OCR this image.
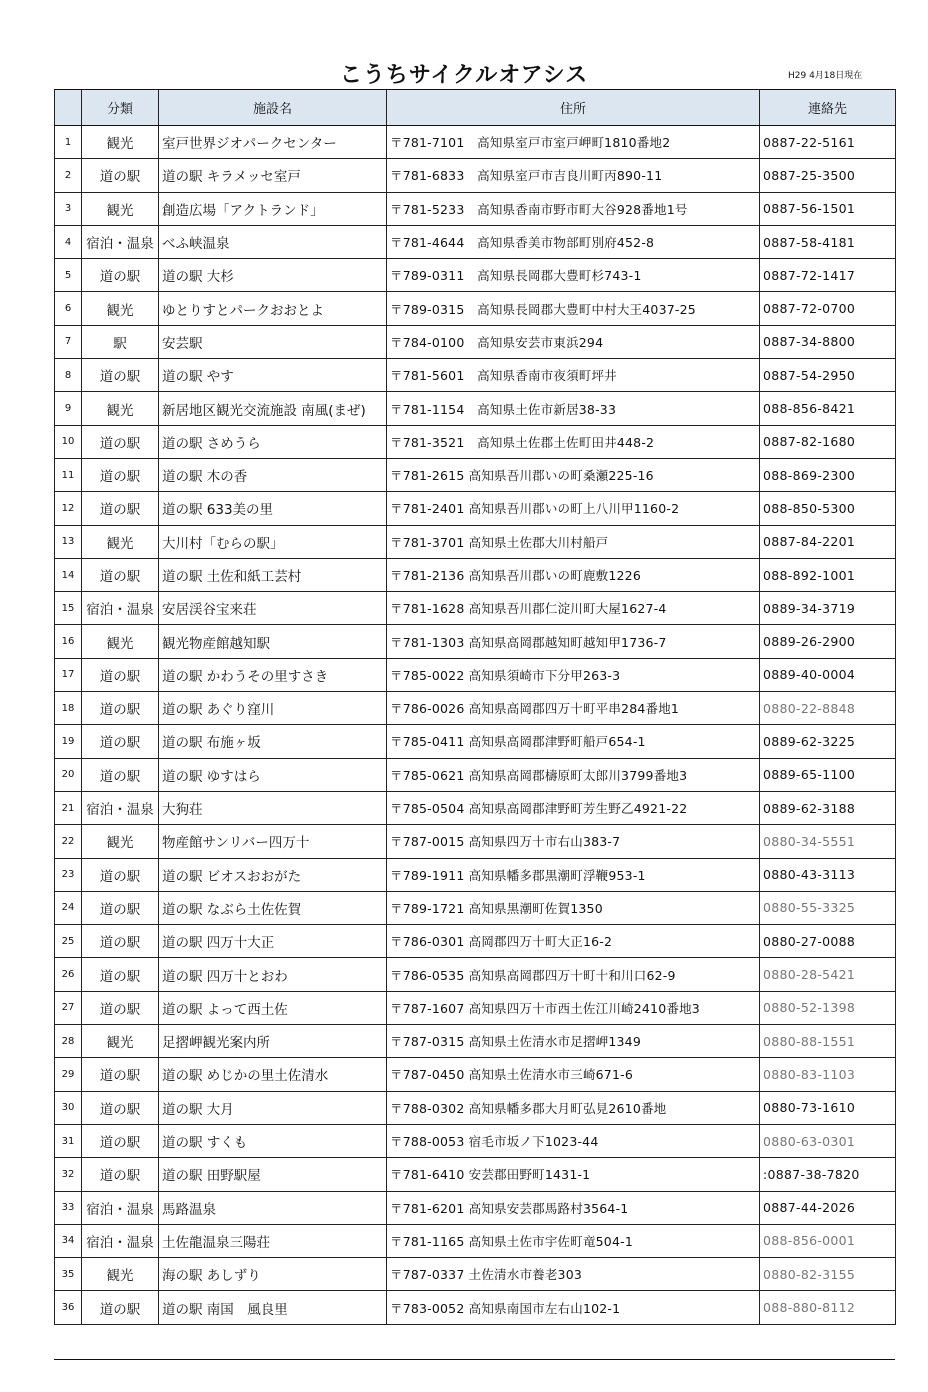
こうちサイクルオアシス	H29 4月18日現在
	分類	施設名	住所	連絡先
1	観光	室戸世界ジオパークセンター	〒781-7101　高知県室戸市室戸岬町1810番地2	0887-22-5161
2	道の駅	道の駅 キラメッセ室戸	〒781-6833　高知県室戸市吉良川町丙890-11	0887-25-3500
3	観光	創造広場「アクトランド」	〒781-5233　高知県香南市野市町大谷928番地1号	0887-56-1501
4	宿泊・温泉	べふ峡温泉	〒781-4644　高知県香美市物部町別府452-8	0887-58-4181
5	道の駅	道の駅 大杉	〒789-0311　高知県長岡郡大豊町杉743-1	0887-72-1417
6	観光	ゆとりすとパークおおとよ	〒789-0315　高知県長岡郡大豊町中村大王4037-25	0887-72-0700
7	駅	安芸駅	〒784-0100　高知県安芸市東浜294	0887-34-8800
8	道の駅	道の駅 やす	〒781-5601　高知県香南市夜須町坪井	0887-54-2950
9	観光	新居地区観光交流施設 南風(まぜ)	〒781-1154　高知県土佐市新居38-33	088-856-8421
10	道の駅	道の駅 さめうら	〒781-3521　高知県土佐郡土佐町田井448-2	0887-82-1680
11	道の駅	道の駅 木の香	〒781-2615 高知県吾川郡いの町桑瀬225-16	088-869-2300
12	道の駅	道の駅 633美の里	〒781-2401 高知県吾川郡いの町上八川甲1160-2	088-850-5300
13	観光	大川村「むらの駅」	〒781-3701 高知県土佐郡大川村船戸	0887-84-2201
14	道の駅	道の駅 土佐和紙工芸村	〒781-2136 高知県吾川郡いの町鹿敷1226	088-892-1001
15	宿泊・温泉	安居渓谷宝来荘	〒781-1628 高知県吾川郡仁淀川町大屋1627-4	0889-34-3719
16	観光	観光物産館越知駅	〒781-1303 高知県高岡郡越知町越知甲1736-7	0889-26-2900
17	道の駅	道の駅 かわうその里すさき	〒785-0022 高知県須崎市下分甲263-3	0889-40-0004
18	道の駅	道の駅 あぐり窪川	〒786-0026 高知県高岡郡四万十町平串284番地1	0880-22-8848
19	道の駅	道の駅 布施ヶ坂	〒785-0411 高知県高岡郡津野町船戸654-1	0889-62-3225
20	道の駅	道の駅 ゆすはら	〒785-0621 高知県高岡郡檮原町太郎川3799番地3	0889-65-1100
21	宿泊・温泉	大狗荘	〒785-0504 高知県高岡郡津野町芳生野乙4921-22	0889-62-3188
22	観光	物産館サンリバー四万十	〒787-0015 高知県四万十市右山383-7	0880-34-5551
23	道の駅	道の駅 ビオスおおがた	〒789-1911 高知県幡多郡黒潮町浮鞭953-1	0880-43-3113
24	道の駅	道の駅 なぶら土佐佐賀	〒789-1721 高知県黒潮町佐賀1350	0880-55-3325
25	道の駅	道の駅 四万十大正	〒786-0301 高岡郡四万十町大正16-2	0880-27-0088
26	道の駅	道の駅 四万十とおわ	〒786-0535 高知県高岡郡四万十町十和川口62-9	0880-28-5421
27	道の駅	道の駅 よって西土佐	〒787-1607 高知県四万十市西土佐江川崎2410番地3	0880-52-1398
28	観光	足摺岬観光案内所	〒787-0315 高知県土佐清水市足摺岬1349	0880-88-1551
29	道の駅	道の駅 めじかの里土佐清水	〒787-0450 高知県土佐清水市三崎671-6	0880-83-1103
30	道の駅	道の駅 大月	〒788-0302 高知県幡多郡大月町弘見2610番地	0880-73-1610
31	道の駅	道の駅 すくも	〒788-0053 宿毛市坂ノ下1023-44	0880-63-0301
32	道の駅	道の駅 田野駅屋	〒781-6410 安芸郡田野町1431-1	:0887-38-7820
33	宿泊・温泉	馬路温泉	〒781-6201 高知県安芸郡馬路村3564-1	0887-44-2026
34	宿泊・温泉	土佐龍温泉三陽荘	〒781-1165 高知県土佐市宇佐町竜504-1	088-856-0001
35	観光	海の駅 あしずり	〒787-0337 土佐清水市養老303	0880-82-3155
36	道の駅	道の駅 南国　風良里	〒783-0052 高知県南国市左右山102-1	088-880-8112
